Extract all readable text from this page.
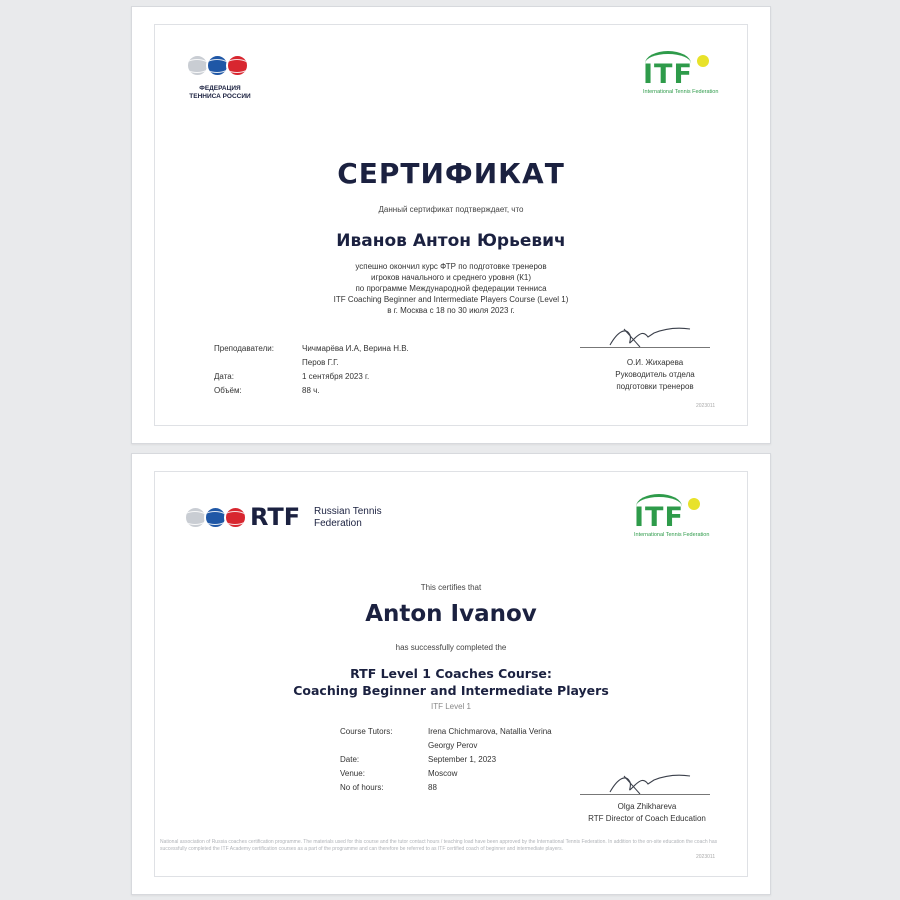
ФЕДЕРАЦИЯ
ТЕННИСА РОССИИ
ITF
International Tennis Federation
СЕРТИФИКАТ
Данный сертификат подтверждает, что
Иванов Антон Юрьевич
успешно окончил курс ФТР по подготовке тренеров
игроков начального и среднего уровня (К1)
по программе Международной федерации тенниса
ITF Coaching Beginner and Intermediate Players Course (Level 1)
в г. Москва с 18 по 30 июля 2023 г.
Преподаватели:	Чичмарёва И.А, Верина Н.В.
Перов Г.Г.
Дата:	1 сентября 2023 г.
Объём:	88 ч.
О.И. Жихарева
Руководитель отдела
подготовки тренеров
2023011
RTF Russian Tennis
Federation	ITF
International Tennis Federation
This certifies that
Anton Ivanov
has successfully completed the
RTF Level 1 Coaches Course:
Coaching Beginner and Intermediate Players
ITF Level 1
Course Tutors:	Irena Chichmarova, Natallia Verina
Georgy Perov
Date:	September 1, 2023
Venue:	Moscow
No of hours:	88
Olga Zhikhareva
RTF Director of Coach Education
National association of Russia coaches certification programme. The materials used for this course and the tutor contact hours / teaching load have been approved by the International Tennis Federation. In addition to the on-site education the coach has successfully completed the ITF Academy certification courses as a part of the programme and can therefore be referred to as ITF certified coach of beginner and intermediate players.
2023011
